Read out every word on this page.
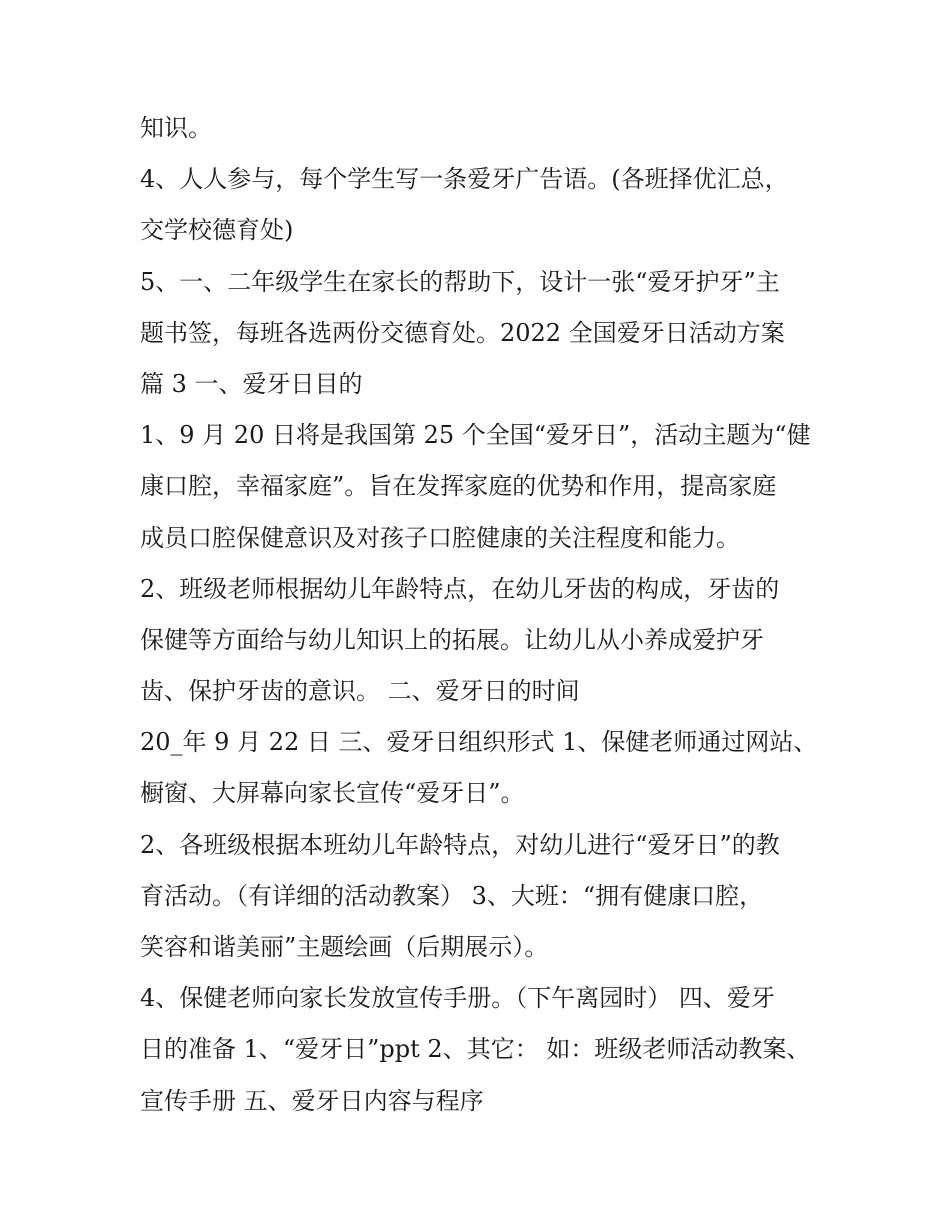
知识。
4、人人参与，每个学生写一条爱牙广告语。(各班择优汇总，
交学校德育处)
5、一、二年级学生在家长的帮助下，设计一张“爱牙护牙”主
题书签，每班各选两份交德育处。2022 全国爱牙日活动方案
篇 3 一、爱牙日目的
1、9 月 20 日将是我国第 25 个全国“爱牙日”，活动主题为“健
康口腔，幸福家庭”。旨在发挥家庭的优势和作用，提高家庭
成员口腔保健意识及对孩子口腔健康的关注程度和能力。
2、班级老师根据幼儿年龄特点，在幼儿牙齿的构成，牙齿的
保健等方面给与幼儿知识上的拓展。让幼儿从小养成爱护牙
齿、保护牙齿的意识。 二、爱牙日的时间
20_年 9 月 22 日 三、爱牙日组织形式 1、保健老师通过网站、
橱窗、大屏幕向家长宣传“爱牙日”。
2、各班级根据本班幼儿年龄特点，对幼儿进行“爱牙日”的教
育活动。（有详细的活动教案） 3、大班：“拥有健康口腔，
笑容和谐美丽”主题绘画（后期展示）。
4、保健老师向家长发放宣传手册。（下午离园时） 四、爱牙
日的准备 1、“爱牙日”ppt 2、其它： 如：班级老师活动教案、
宣传手册 五、爱牙日内容与程序
